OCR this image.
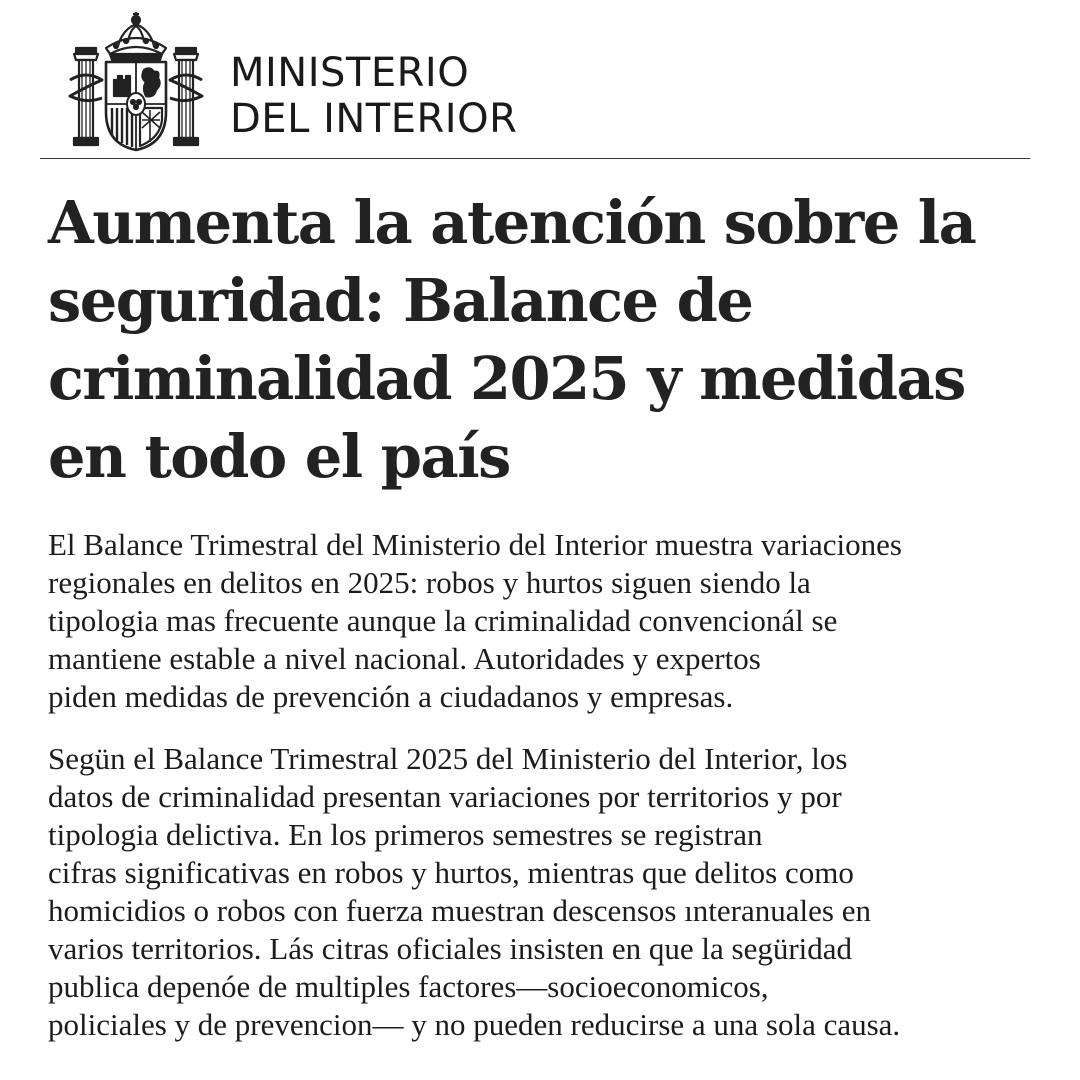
MINISTERIO
DEL INTERIOR
Aumenta la atención sobre la
seguridad: Balance de
criminalidad 2025 y medidas
en todo el país
El Balance Trimestral del Ministerio del Interior muestra variaciones
regionales en delitos en 2025: robos y hurtos siguen siendo la
tipologia mas frecuente aunque la criminalidad convencionál se
mantiene estable a nivel nacional. Autoridades y expertos
piden medidas de prevención a ciudadanos y empresas.
Segün el Balance Trimestral 2025 del Ministerio del Interior, los
datos de criminalidad presentan variaciones por territorios y por
tipologia delictiva. En los primeros semestres se registran
cifras significativas en robos y hurtos, mientras que delitos como
homicidios o robos con fuerza muestran descensos ınteranuales en
varios territorios. Lás citras oficiales insisten en que la següridad
publica depenóe de multiples factores—socioeconomicos,
policiales y de prevencion— y no pueden reducirse a una sola causa.
